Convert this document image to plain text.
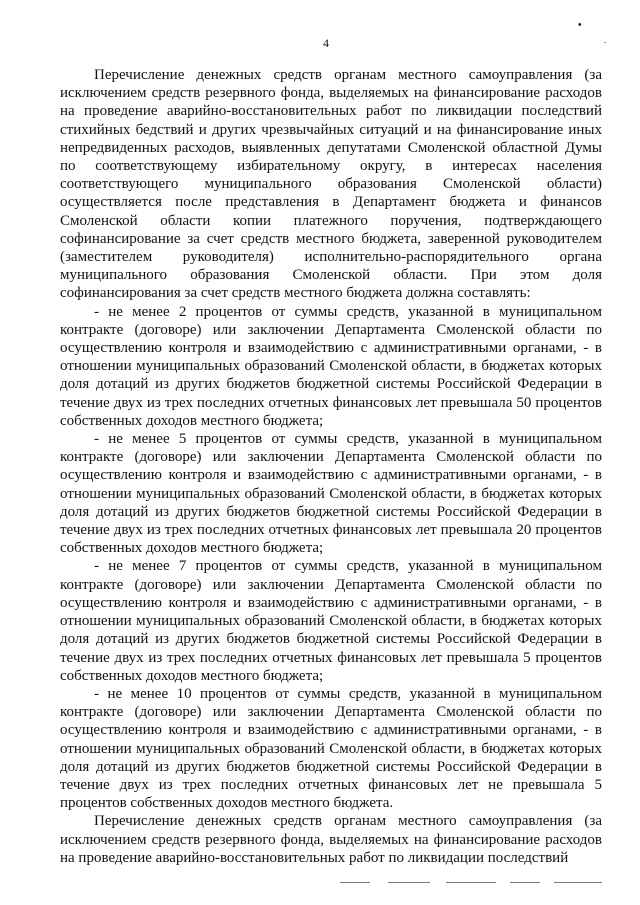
4
•
-

Перечисление денежных средств органам местного самоуправления (за исключением средств резервного фонда, выделяемых на финансирование расходов на проведение аварийно-восстановительных работ по ликвидации последствий стихийных бедствий и других чрезвычайных ситуаций и на финансирование иных непредвиденных расходов, выявленных депутатами Смоленской областной Думы по соответствующему избирательному округу, в интересах населения соответствующего муниципального образования Смоленской области) осуществляется после представления в Департамент бюджета и финансов Смоленской области копии платежного поручения, подтверждающего софинансирование за счет средств местного бюджета, заверенной руководителем (заместителем руководителя) исполнительно-распорядительного органа муниципального образования Смоленской области. При этом доля софинансирования за счет средств местного бюджета должна составлять:

- не менее 2 процентов от суммы средств, указанной в муниципальном контракте (договоре) или заключении Департамента Смоленской области по осуществлению контроля и взаимодействию с административными органами, - в отношении муниципальных образований Смоленской области, в бюджетах которых доля дотаций из других бюджетов бюджетной системы Российской Федерации в течение двух из трех последних отчетных финансовых лет превышала 50 процентов собственных доходов местного бюджета;

- не менее 5 процентов от суммы средств, указанной в муниципальном контракте (договоре) или заключении Департамента Смоленской области по осуществлению контроля и взаимодействию с административными органами, - в отношении муниципальных образований Смоленской области, в бюджетах которых доля дотаций из других бюджетов бюджетной системы Российской Федерации в течение двух из трех последних отчетных финансовых лет превышала 20 процентов собственных доходов местного бюджета;

- не менее 7 процентов от суммы средств, указанной в муниципальном контракте (договоре) или заключении Департамента Смоленской области по осуществлению контроля и взаимодействию с административными органами, - в отношении муниципальных образований Смоленской области, в бюджетах которых доля дотаций из других бюджетов бюджетной системы Российской Федерации в течение двух из трех последних отчетных финансовых лет превышала 5 процентов собственных доходов местного бюджета;

- не менее 10 процентов от суммы средств, указанной в муниципальном контракте (договоре) или заключении Департамента Смоленской области по осуществлению контроля и взаимодействию с административными органами, - в отношении муниципальных образований Смоленской области, в бюджетах которых доля дотаций из других бюджетов бюджетной системы Российской Федерации в течение двух из трех последних отчетных финансовых лет не превышала 5 процентов собственных доходов местного бюджета.

Перечисление денежных средств органам местного самоуправления (за исключением средств резервного фонда, выделяемых на финансирование расходов на проведение аварийно-восстановительных работ по ликвидации последствий
